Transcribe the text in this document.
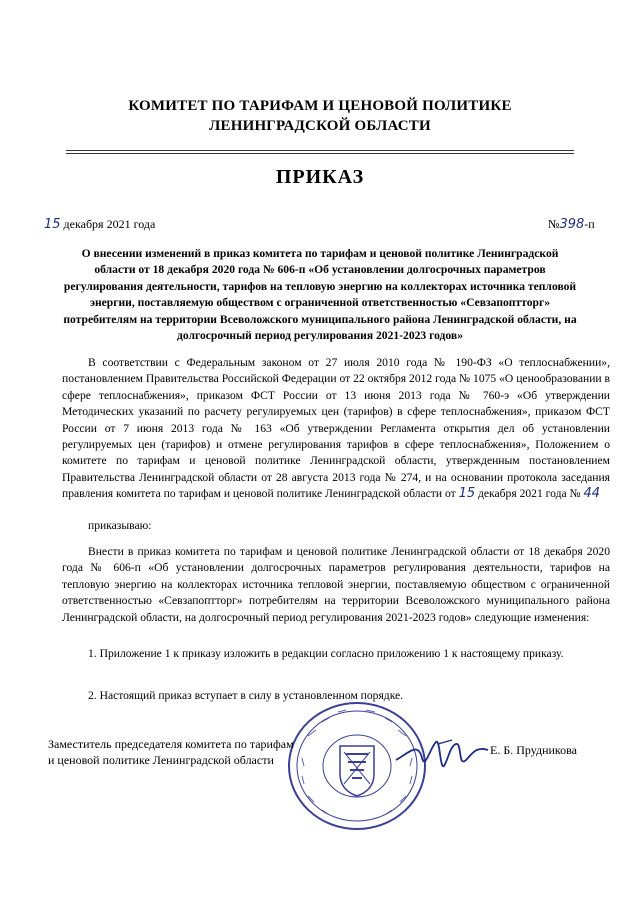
КОМИТЕТ ПО ТАРИФАМ И ЦЕНОВОЙ ПОЛИТИКЕ
ЛЕНИНГРАДСКОЙ ОБЛАСТИ
ПРИКАЗ
15 декабря 2021 года	№398-п
О внесении изменений в приказ комитета по тарифам и ценовой политике Ленинградской области от 18 декабря 2020 года № 606-п «Об установлении долгосрочных параметров регулирования деятельности, тарифов на тепловую энергию на коллекторах источника тепловой энергии, поставляемую обществом с ограниченной ответственностью «Севзапоптторг» потребителям на территории Всеволожского муниципального района Ленинградской области, на долгосрочный период регулирования 2021-2023 годов»
В соответствии с Федеральным законом от 27 июля 2010 года № 190-ФЗ «О теплоснабжении», постановлением Правительства Российской Федерации от 22 октября 2012 года № 1075 «О ценообразовании в сфере теплоснабжения», приказом ФСТ России от 13 июня 2013 года № 760-э «Об утверждении Методических указаний по расчету регулируемых цен (тарифов) в сфере теплоснабжения», приказом ФСТ России от 7 июня 2013 года № 163 «Об утверждении Регламента открытия дел об установлении регулируемых цен (тарифов) и отмене регулирования тарифов в сфере теплоснабжения», Положением о комитете по тарифам и ценовой политике Ленинградской области, утвержденным постановлением Правительства Ленинградской области от 28 августа 2013 года № 274, и на основании протокола заседания правления комитета по тарифам и ценовой политике Ленинградской области от 15 декабря 2021 года № 44
приказываю:
Внести в приказ комитета по тарифам и ценовой политике Ленинградской области от 18 декабря 2020 года № 606-п «Об установлении долгосрочных параметров регулирования деятельности, тарифов на тепловую энергию на коллекторах источника тепловой энергии, поставляемую обществом с ограниченной ответственностью «Севзапоптторг» потребителям на территории Всеволожского муниципального района Ленинградской области, на долгосрочный период регулирования 2021-2023 годов» следующие изменения:
1. Приложение 1 к приказу изложить в редакции согласно приложению 1 к настоящему приказу.
2. Настоящий приказ вступает в силу в установленном порядке.
Заместитель председателя комитета по тарифам
и ценовой политике Ленинградской области
Е. Б. Прудникова
